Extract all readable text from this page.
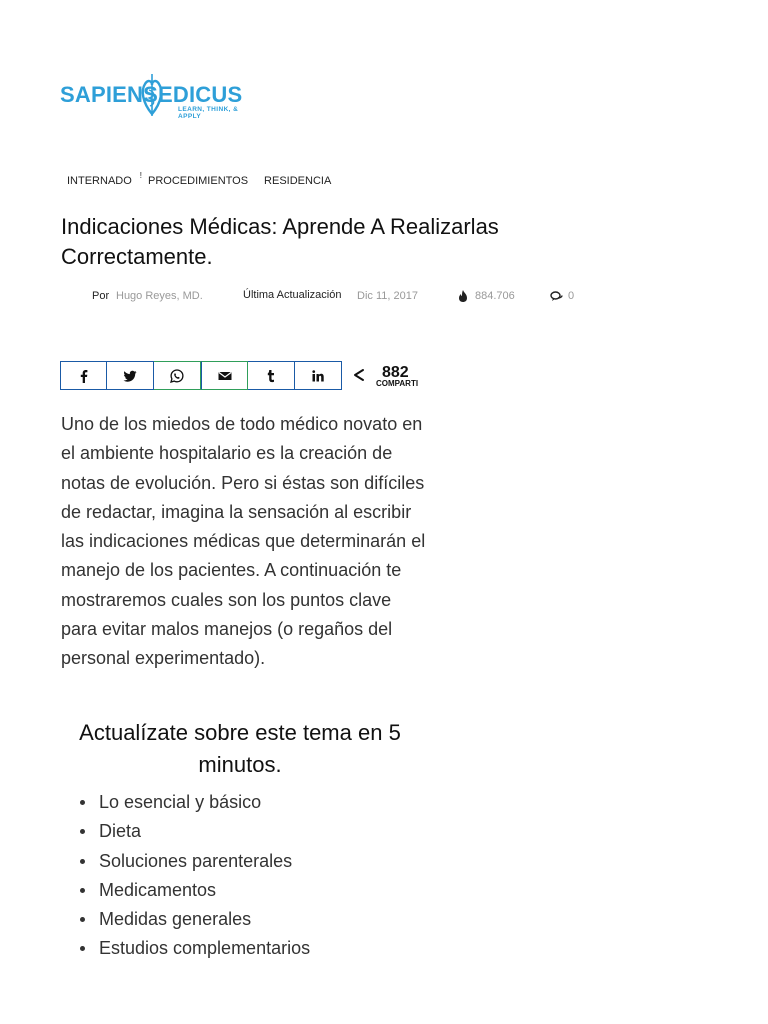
SAPIENS EDICUS
LEARN, THINK, & APPLY
INTERNADO ! PROCEDIMIENTOS RESIDENCIA
Indicaciones Médicas: Aprende A Realizarlas Correctamente.
Por Hugo Reyes, MD.	Última Actualización Dic 11, 2017	884.706	0
882
COMPARTI

Uno de los miedos de todo médico novato en el ambiente hospitalario es la creación de notas de evolución. Pero si éstas son difíciles de redactar, imagina la sensación al escribir las indicaciones médicas que determinarán el manejo de los pacientes. A continuación te mostraremos cuales son los puntos clave para evitar malos manejos (o regaños del personal experimentado).

Actualízate sobre este tema en 5 minutos.
Lo esencial y básico
Dieta
Soluciones parenterales
Medicamentos
Medidas generales
Estudios complementarios
